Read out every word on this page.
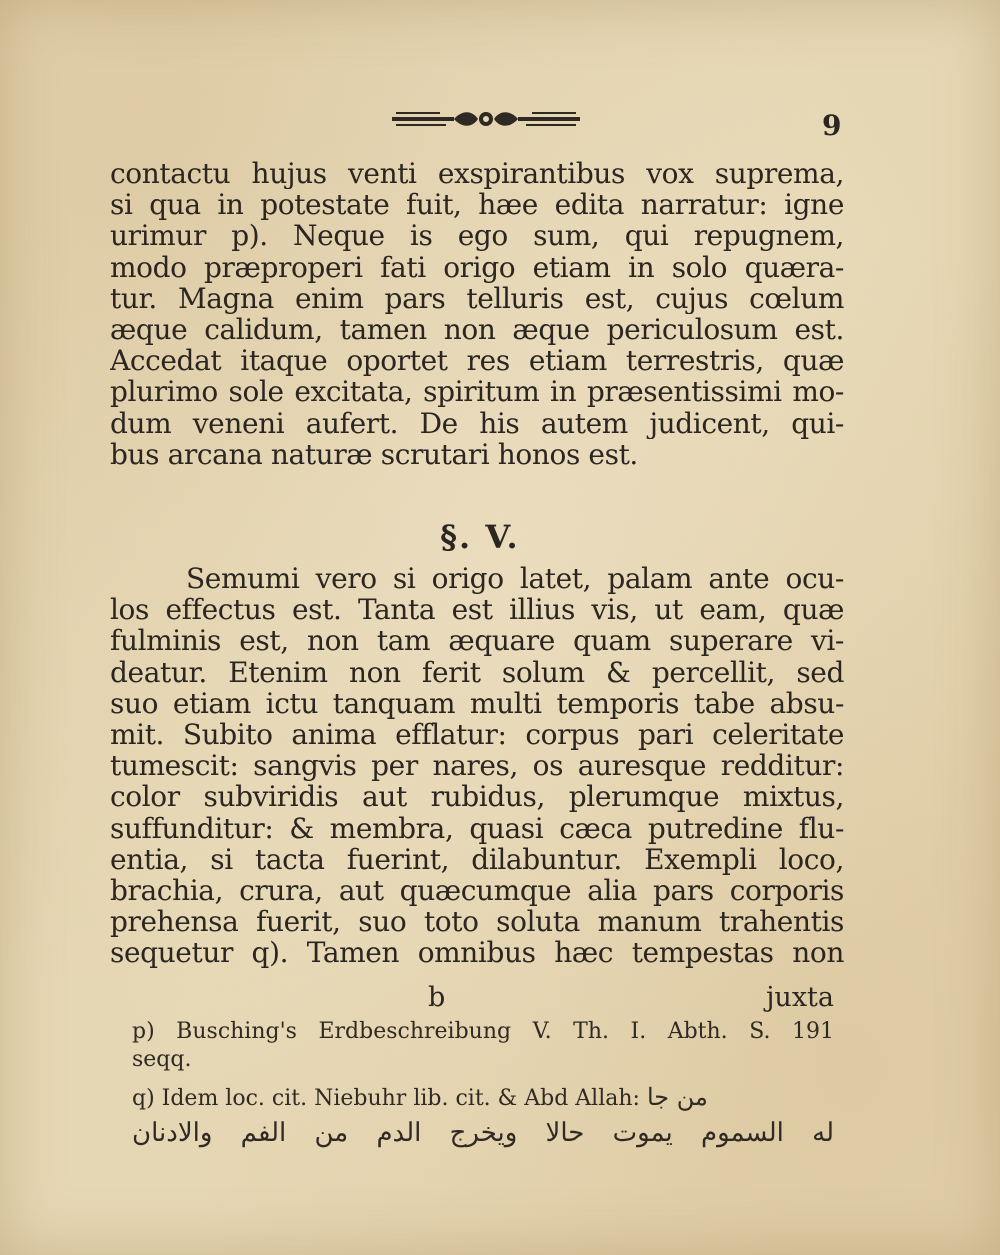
9
contactu hujus venti exspirantibus vox suprema,
si qua in potestate fuit, hæe edita narratur: igne
urimur p). Neque is ego sum, qui repugnem,
modo præproperi fati origo etiam in solo quæra-
tur. Magna enim pars telluris est, cujus cœlum
æque calidum, tamen non æque periculosum est.
Accedat itaque oportet res etiam terrestris, quæ
plurimo sole excitata, spiritum in præsentissimi mo-
dum veneni aufert. De his autem judicent, qui-
bus arcana naturæ scrutari honos est.
§. V.
Semumi vero si origo latet, palam ante ocu-
los effectus est. Tanta est illius vis, ut eam, quæ
fulminis est, non tam æquare quam superare vi-
deatur. Etenim non ferit solum & percellit, sed
suo etiam ictu tanquam multi temporis tabe absu-
mit. Subito anima efflatur: corpus pari celeritate
tumescit: sangvis per nares, os auresque redditur:
color subviridis aut rubidus, plerumque mixtus,
suffunditur: & membra, quasi cæca putredine flu-
entia, si tacta fuerint, dilabuntur. Exempli loco,
brachia, crura, aut quæcumque alia pars corporis
prehensa fuerit, suo toto soluta manum trahentis
sequetur q). Tamen omnibus hæc tempestas non
b	juxta
p) Busching's Erdbeschreibung V. Th. I. Abth. S. 191
seqq.
q) Idem loc. cit. Niebuhr lib. cit. & Abd Allah: من جا
له السموم يموت حالا ويخرج الدم من الفم والادنان
